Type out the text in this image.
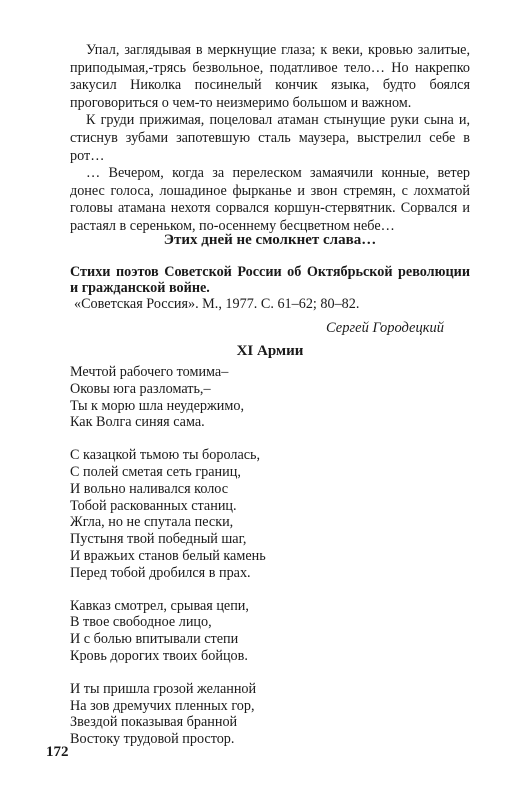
Упал, заглядывая в меркнущие глаза; к веки, кровью залитые, приподымая,-трясь безвольное, податливое тело… Но накрепко закусил Николка посинелый кончик языка, будто боялся проговориться о чем-то неизмеримо большом и важном.

К груди прижимая, поцеловал атаман стынущие руки сына и, стиснув зубами запотевшую сталь маузера, выстрелил себе в рот…

… Вечером, когда за перелеском замаячили конные, ветер донес голоса, лошадиное фырканье и звон стремян, с лохматой головы атамана нехотя сорвался коршун-стервятник. Сорвался и растаял в сереньком, по-осеннему бесцветном небе…

Этих дней не смолкнет слава…
Стихи поэтов Советской России об Октябрьской революции и гражданской войне.
«Советская Россия». М., 1977. С. 61–62; 80–82.
Сергей Городецкий
XI Армии
Мечтой рабочего томима–
Оковы юга разломать,–
Ты к морю шла неудержимо,
Как Волга синяя сама.
С казацкой тьмою ты боролась,
С полей сметая сеть границ,
И вольно наливался колос
Тобой раскованных станиц.
Жгла, но не спутала пески,
Пустыня твой победный шаг,
И вражьих станов белый камень
Перед тобой дробился в прах.
Кавказ смотрел, срывая цепи,
В твое свободное лицо,
И с болью впитывали степи
Кровь дорогих твоих бойцов.
И ты пришла грозой желанной
На зов дремучих пленных гор,
Звездой показывая бранной
Востоку трудовой простор.
172
